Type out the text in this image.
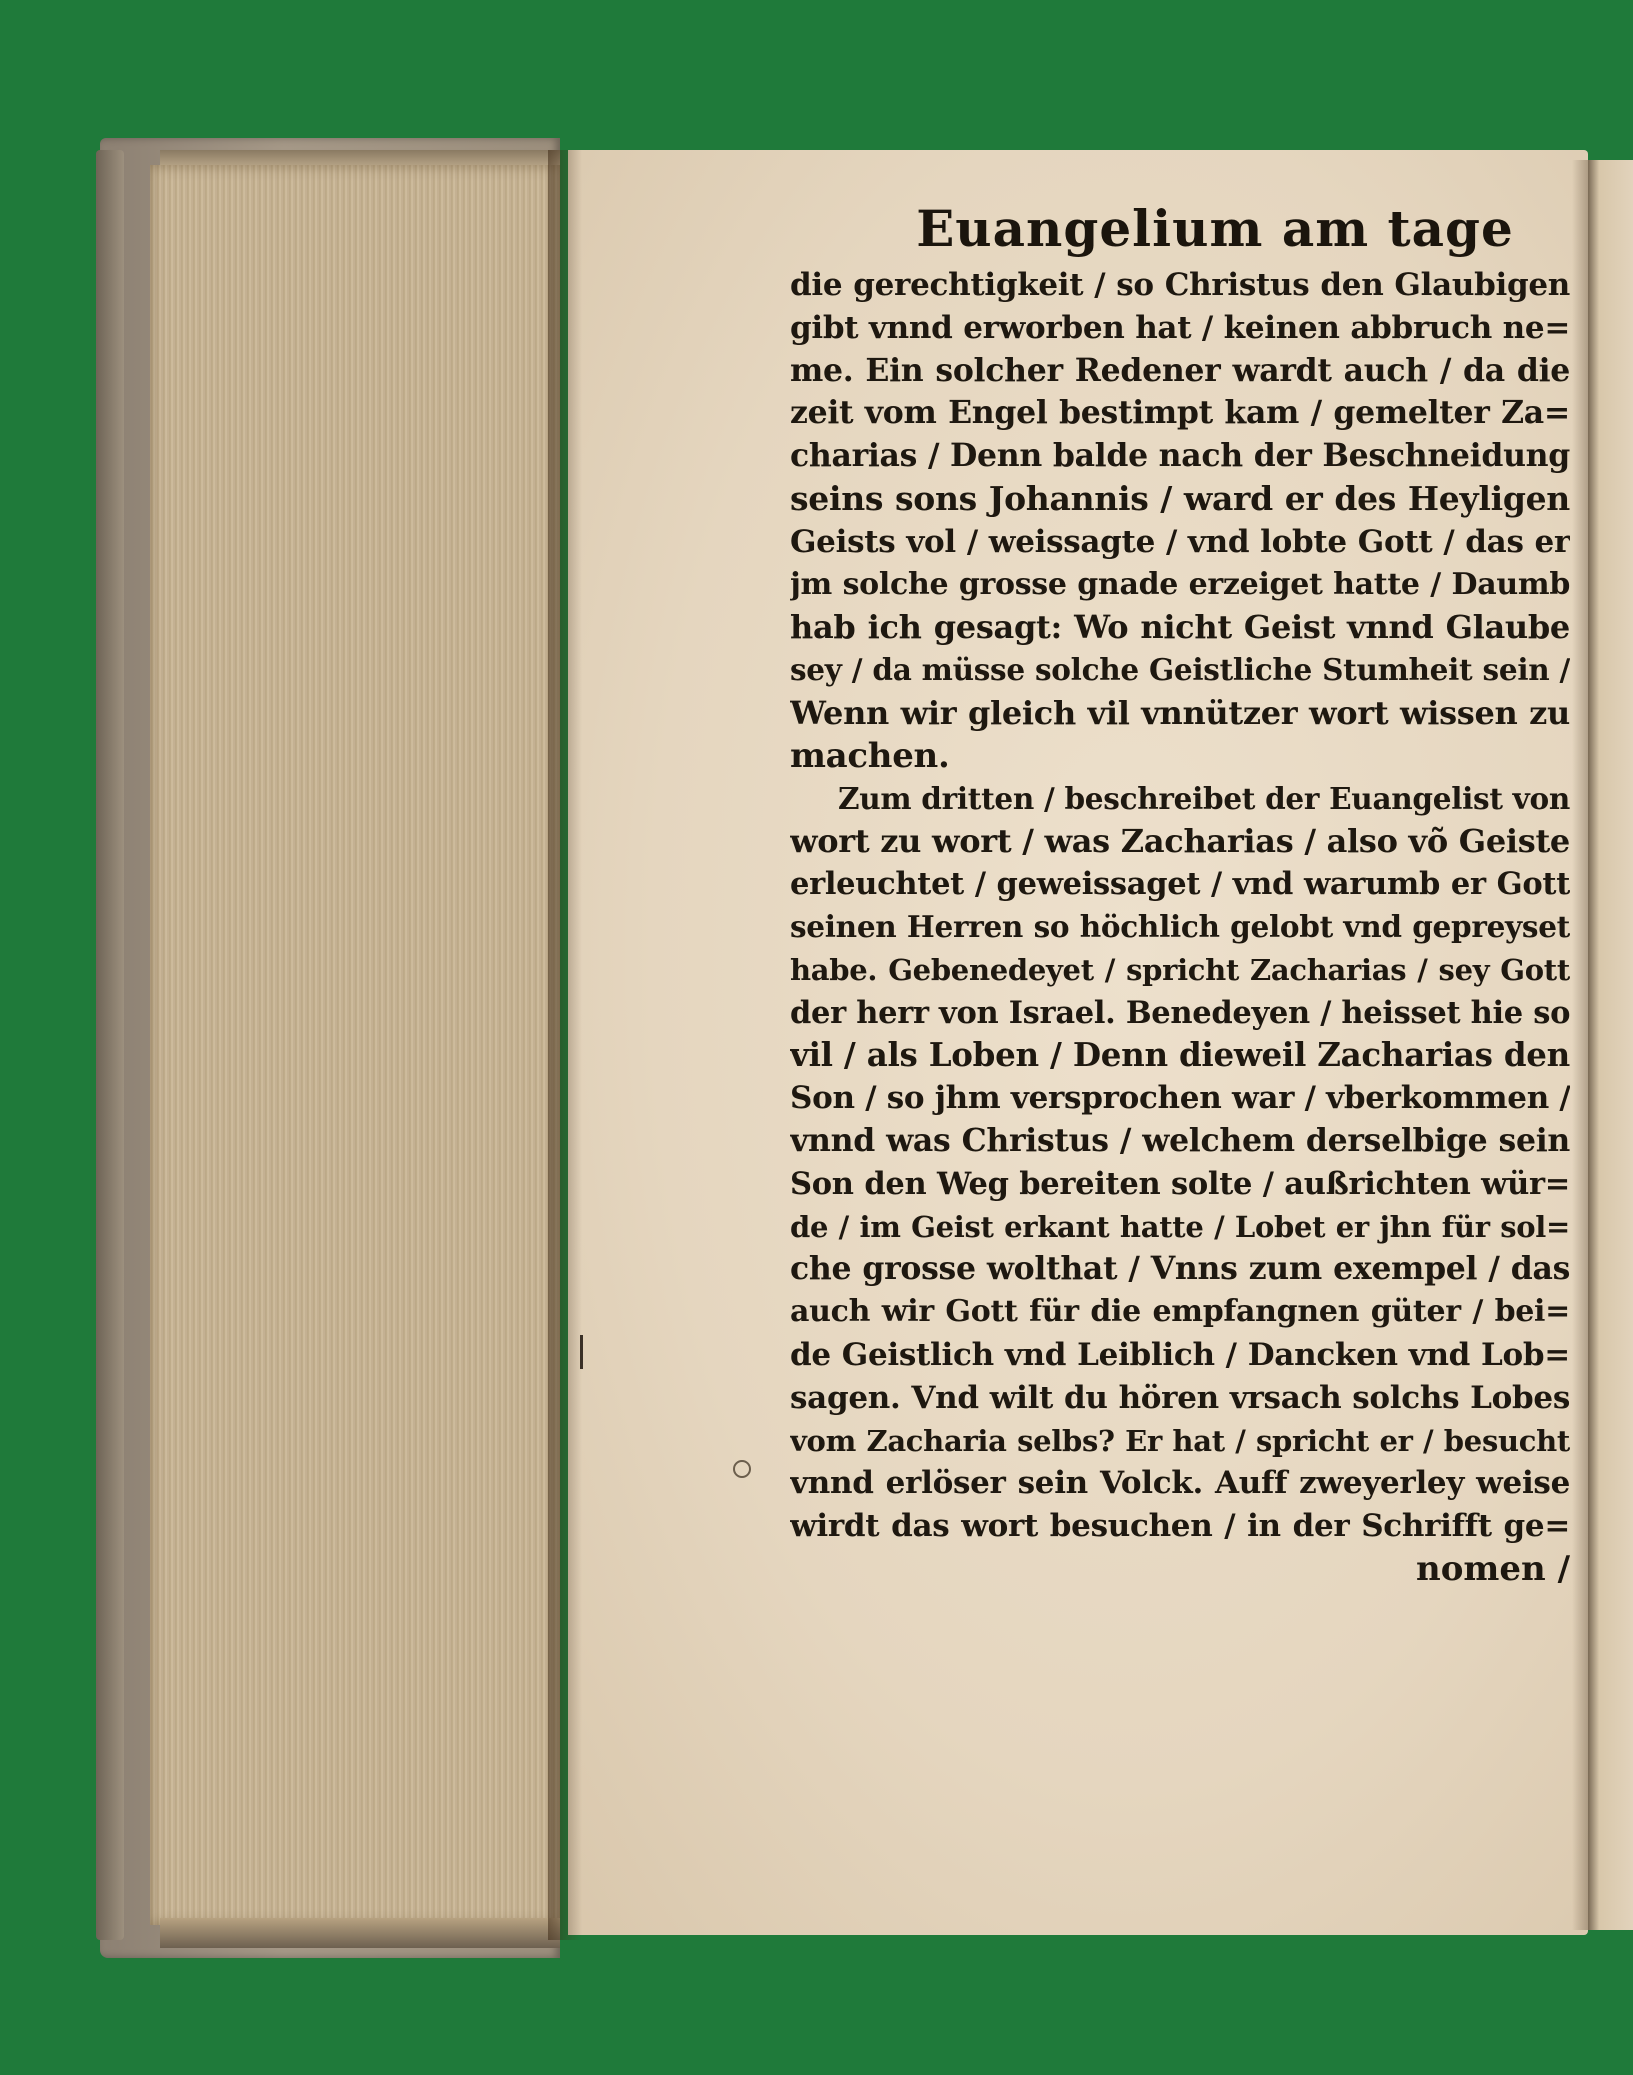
Euangelium am tage
die gerechtigkeit / so Christus den Glaubigen
gibt vnnd erworben hat / keinen abbruch ne=
me. Ein solcher Redener wardt auch / da die
zeit vom Engel bestimpt kam / gemelter Za=
charias / Denn balde nach der Beschneidung
seins sons Johannis / ward er des Heyligen
Geists vol / weissagte / vnd lobte Gott / das er
jm solche grosse gnade erzeiget hatte / Daumb
hab ich gesagt: Wo nicht Geist vnnd Glaube
sey / da müsse solche Geistliche Stumheit sein /
Wenn wir gleich vil vnnützer wort wissen zu
machen.
Zum dritten / beschreibet der Euangelist von
wort zu wort / was Zacharias / also võ Geiste
erleuchtet / geweissaget / vnd warumb er Gott
seinen Herren so höchlich gelobt vnd gepreyset
habe. Gebenedeyet / spricht Zacharias / sey Gott
der herr von Israel. Benedeyen / heisset hie so
vil / als Loben / Denn dieweil Zacharias den
Son / so jhm versprochen war / vberkommen /
vnnd was Christus / welchem derselbige sein
Son den Weg bereiten solte / außrichten wür=
de / im Geist erkant hatte / Lobet er jhn für sol=
che grosse wolthat / Vnns zum exempel / das
auch wir Gott für die empfangnen güter / bei=
de Geistlich vnd Leiblich / Dancken vnd Lob=
sagen. Vnd wilt du hören vrsach solchs Lobes
vom Zacharia selbs? Er hat / spricht er / besucht
vnnd erlöser sein Volck. Auff zweyerley weise
wirdt das wort besuchen / in der Schrifft ge=
nomen /
